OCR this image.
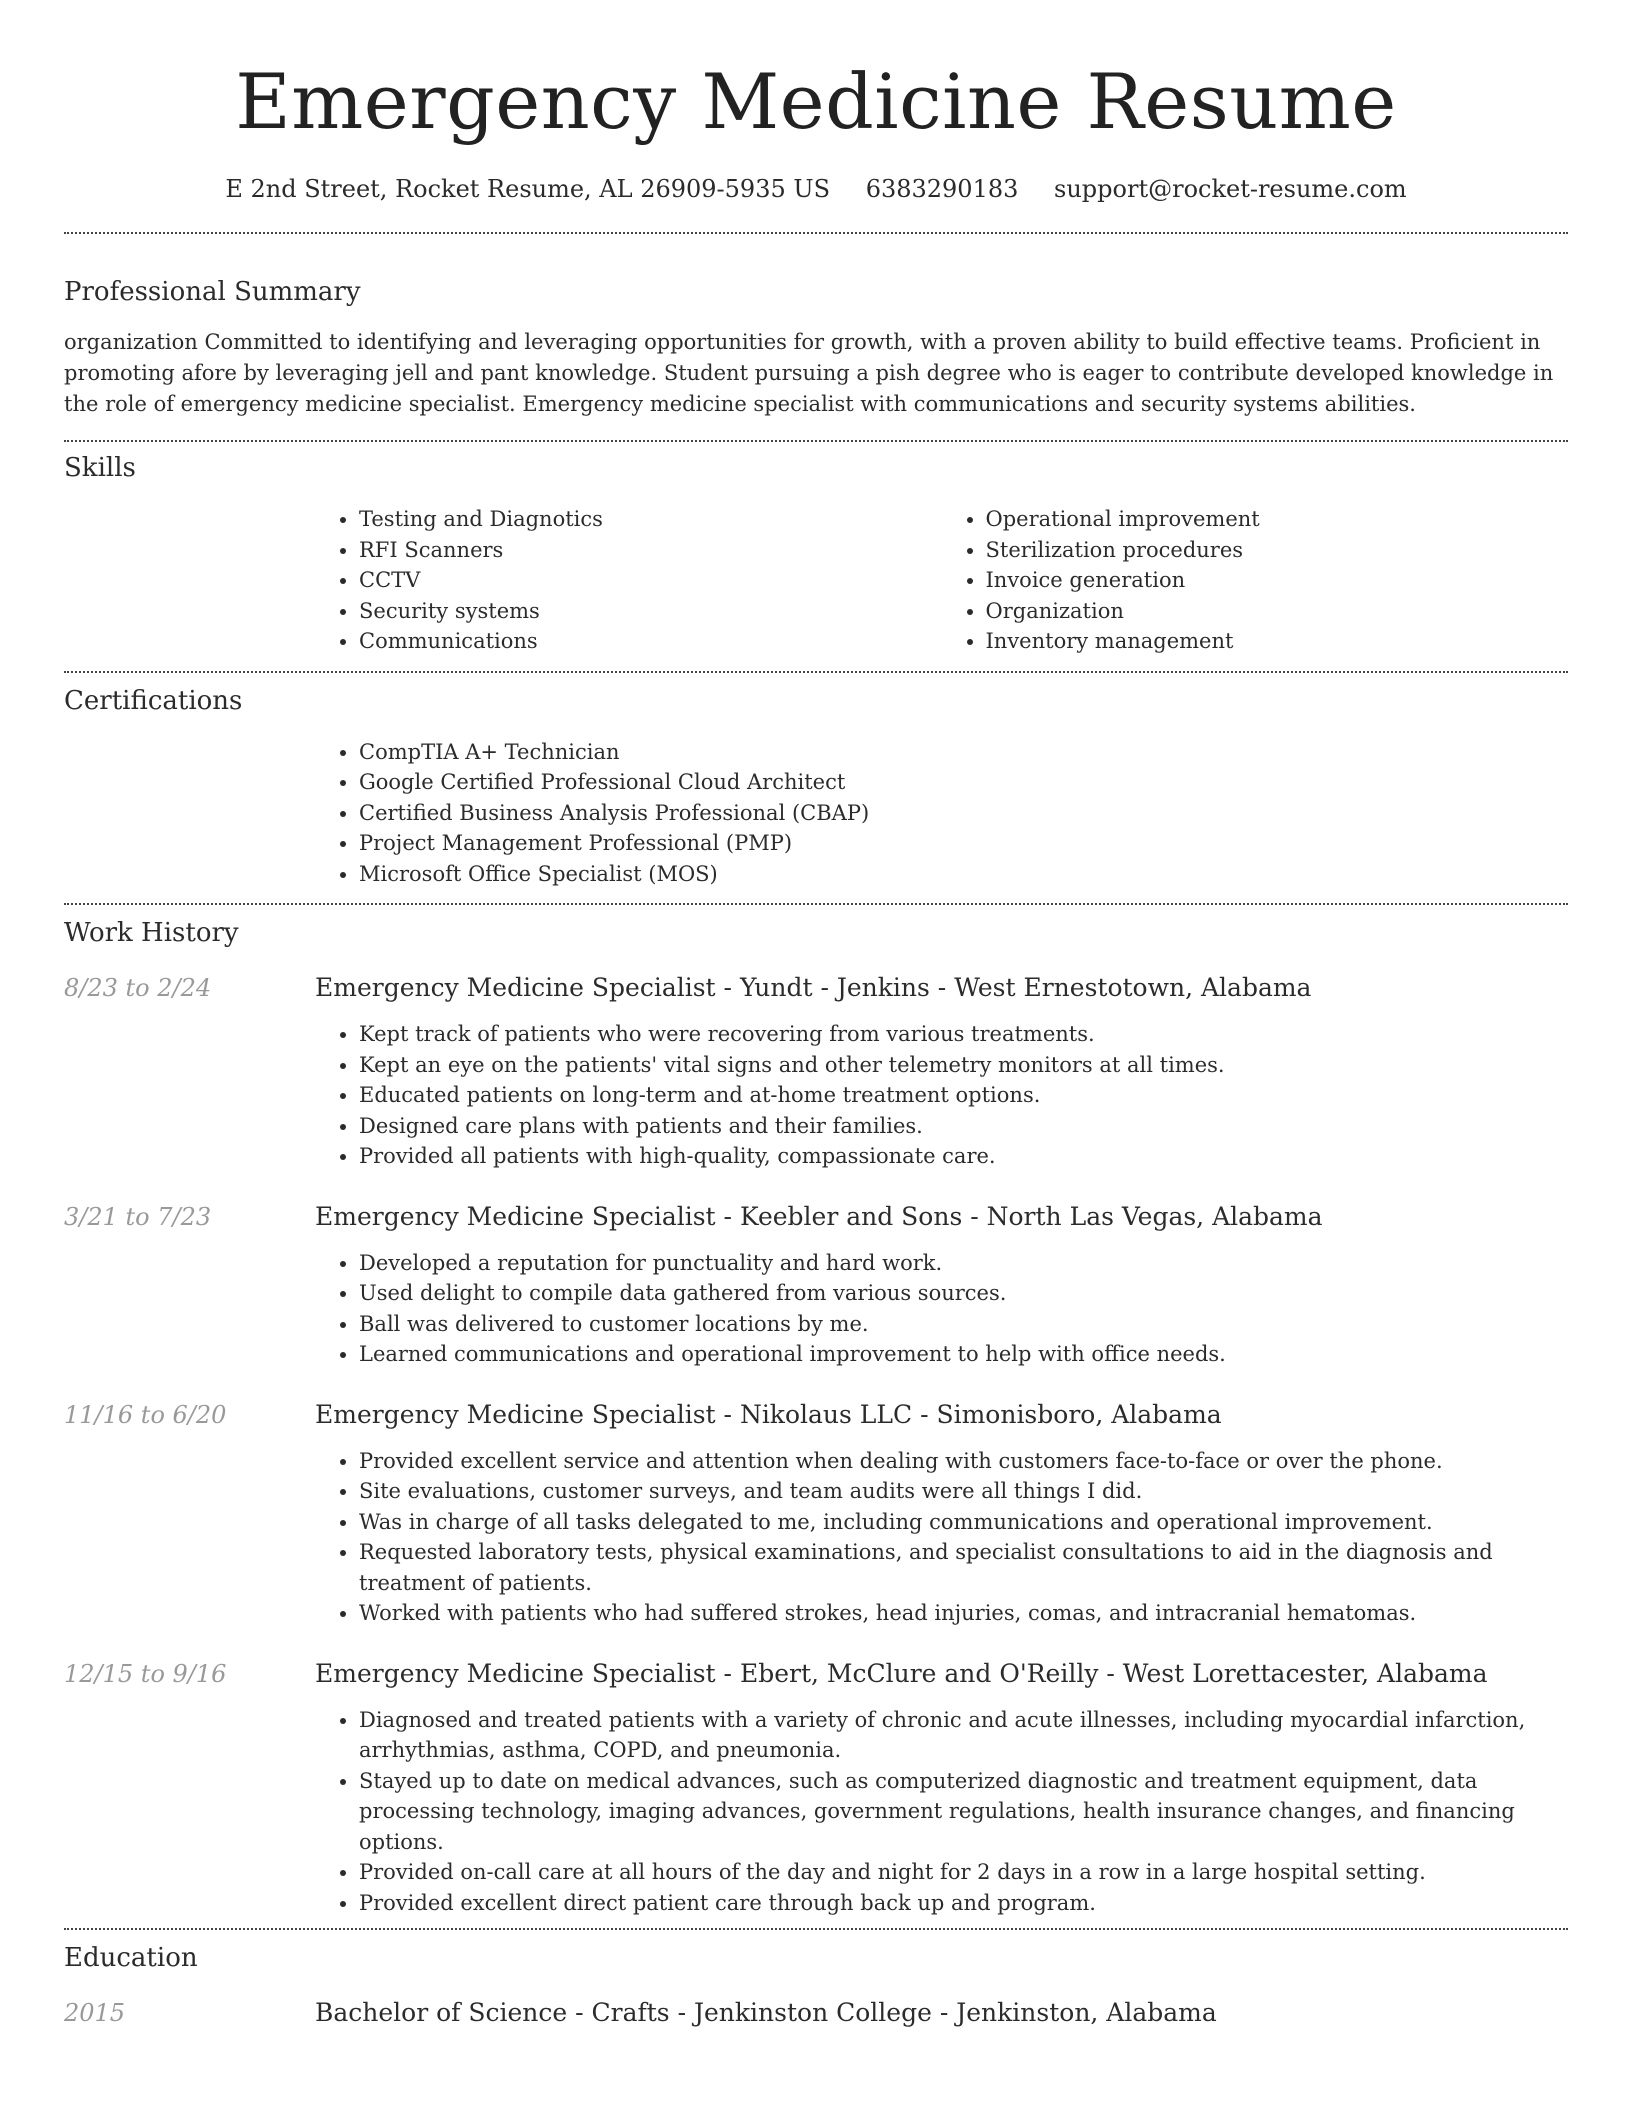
Emergency Medicine Resume
E 2nd Street, Rocket Resume, AL 26909-5935 US 6383290183 support@rocket-resume.com
Professional Summary

organization Committed to identifying and leveraging opportunities for growth, with a proven ability to build effective teams. Proficient in promoting afore by leveraging jell and pant knowledge. Student pursuing a pish degree who is eager to contribute developed knowledge in the role of emergency medicine specialist. Emergency medicine specialist with communications and security systems abilities.

Skills
• Testing and Diagnotics
• RFI Scanners
• CCTV
• Security systems
• Communications
• Operational improvement
• Sterilization procedures
• Invoice generation
• Organization
• Inventory management
Certifications
• CompTIA A+ Technician
• Google Certified Professional Cloud Architect
• Certified Business Analysis Professional (CBAP)
• Project Management Professional (PMP)
• Microsoft Office Specialist (MOS)
Work History
8/23 to 2/24	Emergency Medicine Specialist - Yundt - Jenkins - West Ernestotown, Alabama
• Kept track of patients who were recovering from various treatments.
• Kept an eye on the patients' vital signs and other telemetry monitors at all times.
• Educated patients on long-term and at-home treatment options.
• Designed care plans with patients and their families.
• Provided all patients with high-quality, compassionate care.
3/21 to 7/23	Emergency Medicine Specialist - Keebler and Sons - North Las Vegas, Alabama
• Developed a reputation for punctuality and hard work.
• Used delight to compile data gathered from various sources.
• Ball was delivered to customer locations by me.
• Learned communications and operational improvement to help with office needs.
11/16 to 6/20	Emergency Medicine Specialist - Nikolaus LLC - Simonisboro, Alabama
• Provided excellent service and attention when dealing with customers face-to-face or over the phone.
• Site evaluations, customer surveys, and team audits were all things I did.
• Was in charge of all tasks delegated to me, including communications and operational improvement.
• Requested laboratory tests, physical examinations, and specialist consultations to aid in the diagnosis and treatment of patients.
• Worked with patients who had suffered strokes, head injuries, comas, and intracranial hematomas.
12/15 to 9/16	Emergency Medicine Specialist - Ebert, McClure and O'Reilly - West Lorettacester, Alabama
• Diagnosed and treated patients with a variety of chronic and acute illnesses, including myocardial infarction, arrhythmias, asthma, COPD, and pneumonia.
• Stayed up to date on medical advances, such as computerized diagnostic and treatment equipment, data processing technology, imaging advances, government regulations, health insurance changes, and financing options.
• Provided on-call care at all hours of the day and night for 2 days in a row in a large hospital setting.
• Provided excellent direct patient care through back up and program.
Education
2015	Bachelor of Science - Crafts - Jenkinston College - Jenkinston, Alabama
